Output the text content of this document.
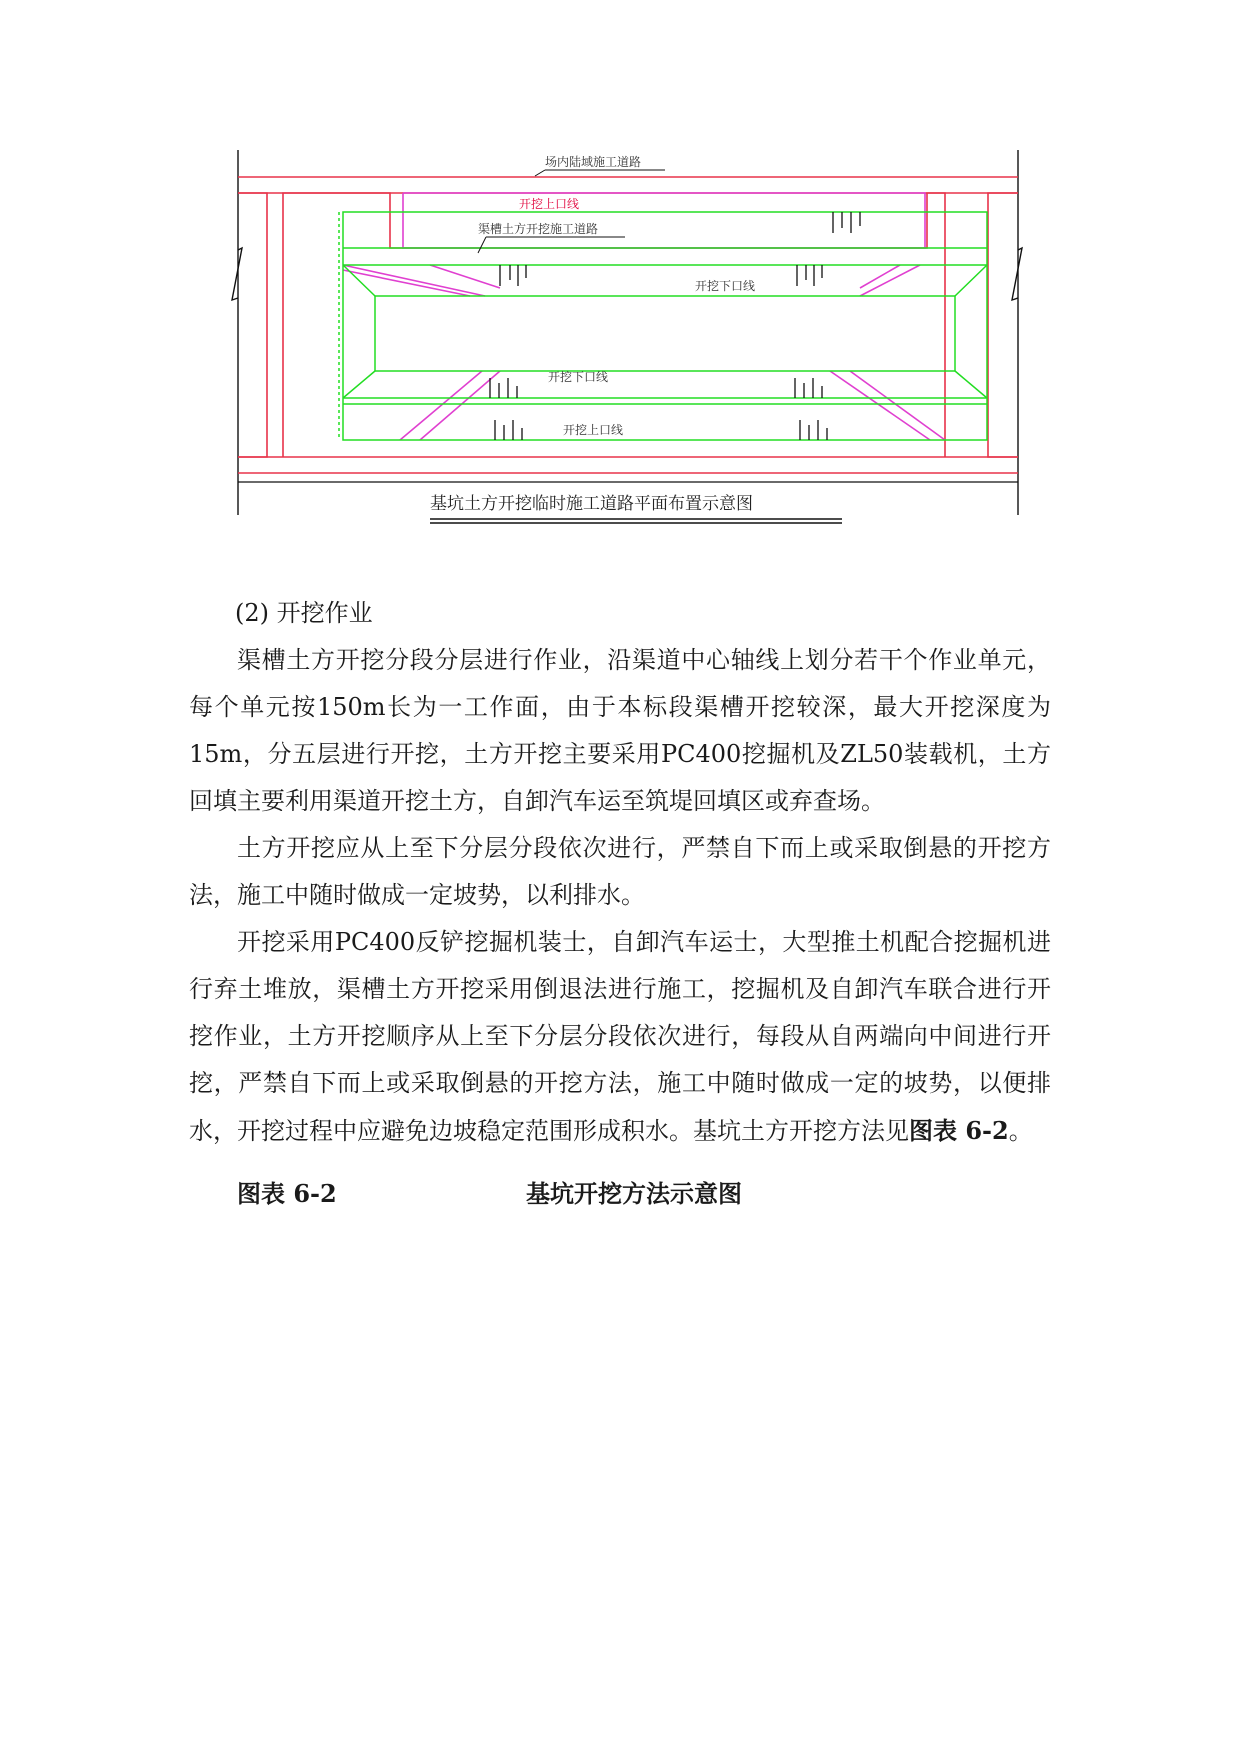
场内陆域施工道路
开挖上口线
渠槽土方开挖施工道路
开挖下口线
开挖下口线
开挖上口线
基坑土方开挖临时施工道路平面布置示意图
(2) 开挖作业

渠槽土方开挖分段分层进行作业，沿渠道中心轴线上划分若干个作业单元，每个单元按150m长为一工作面，由于本标段渠槽开挖较深，最大开挖深度为15m，分五层进行开挖，土方开挖主要采用PC400挖掘机及ZL50装载机，土方回填主要利用渠道开挖土方，自卸汽车运至筑堤回填区或弃查场。

土方开挖应从上至下分层分段依次进行，严禁自下而上或采取倒悬的开挖方法，施工中随时做成一定坡势，以利排水。

开挖采用PC400反铲挖掘机装士，自卸汽车运士，大型推土机配合挖掘机进行弃土堆放，渠槽土方开挖采用倒退法进行施工，挖掘机及自卸汽车联合进行开挖作业，土方开挖顺序从上至下分层分段依次进行，每段从自两端向中间进行开挖，严禁自下而上或采取倒悬的开挖方法，施工中随时做成一定的坡势，以便排水，开挖过程中应避免边坡稳定范围形成积水。基坑土方开挖方法见图表 6-2。

图表 6-2	基坑开挖方法示意图
